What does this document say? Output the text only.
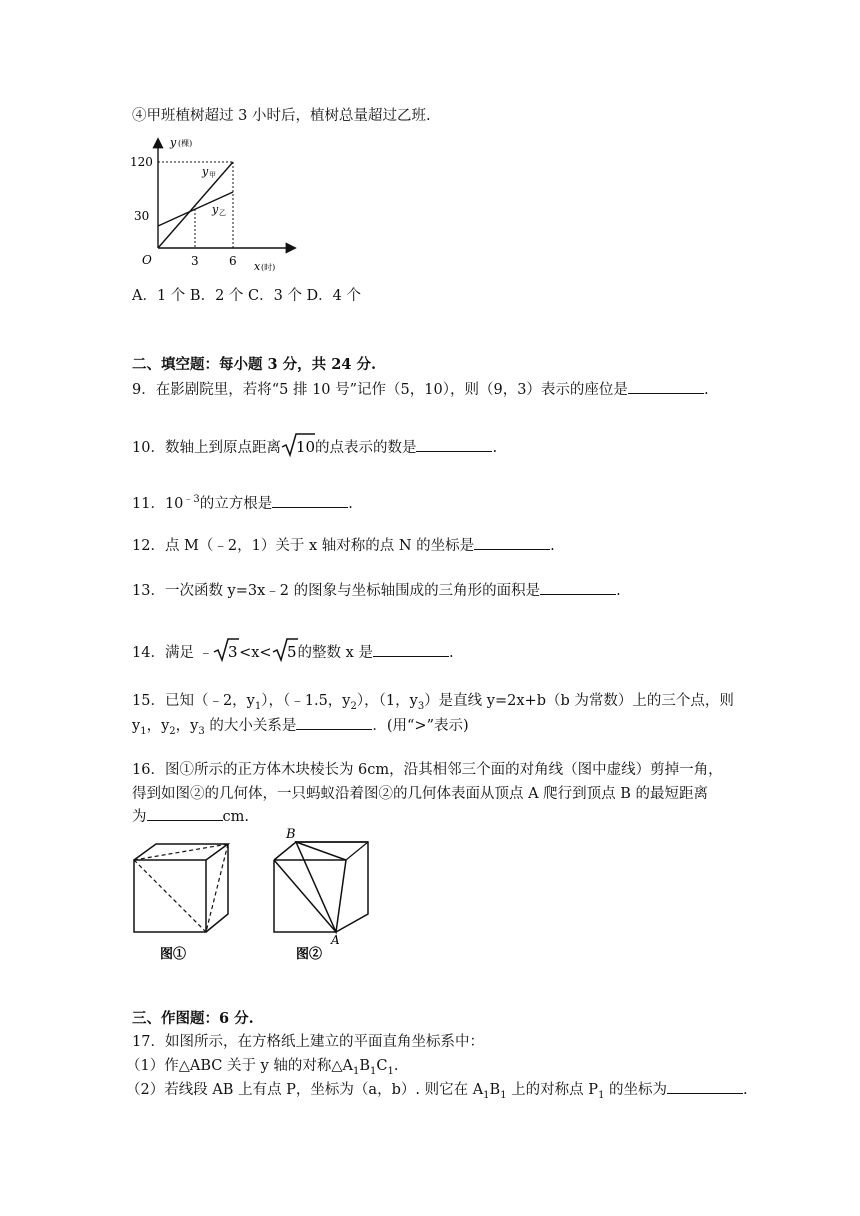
④甲班植树超过 3 小时后，植树总量超过乙班.
y (棵)
120
30
O	3	6 x (时)
y 甲
y 乙
A．1 个 B．2 个 C．3 个 D．4 个
二、填空题：每小题 3 分，共 24 分.
9．在影剧院里，若将“5 排 10 号”记作（5，10），则（9，3）表示的座位是	.
10．数轴上到原点距离 10 的点表示的数是	.
11．$10^{﹣3}$的立方根是	.
12．点 M（﹣2，1）关于 x 轴对称的点 N 的坐标是	.
13．一次函数 y=3x﹣2 的图象与坐标轴围成的三角形的面积是	.
14．满足 ﹣ 3 <x< 5 的整数 x 是	.
15．已知（﹣2，$y_1$），（﹣1.5，$y_2$），（1，$y_3$）是直线 y=2x+b（b 为常数）上的三个点，则
$y_1$，$y_2$，$y_3$ 的大小关系是	．(用“>”表示)
16．图①所示的正方体木块棱长为 6cm，沿其相邻三个面的对角线（图中虚线）剪掉一角，
得到如图②的几何体，一只蚂蚁沿着图②的几何体表面从顶点 A 爬行到顶点 B 的最短距离
为	cm.
图①
B
A
图②
三、作图题：6 分.
17．如图所示，在方格纸上建立的平面直角坐标系中：
（1）作△ABC 关于 y 轴的对称$\triangle A_1B_1C_1$.
（2）若线段 AB 上有点 P，坐标为（a，b）. 则它在 $A_1B_1$ 上的对称点 $P_1$ 的坐标为	.
